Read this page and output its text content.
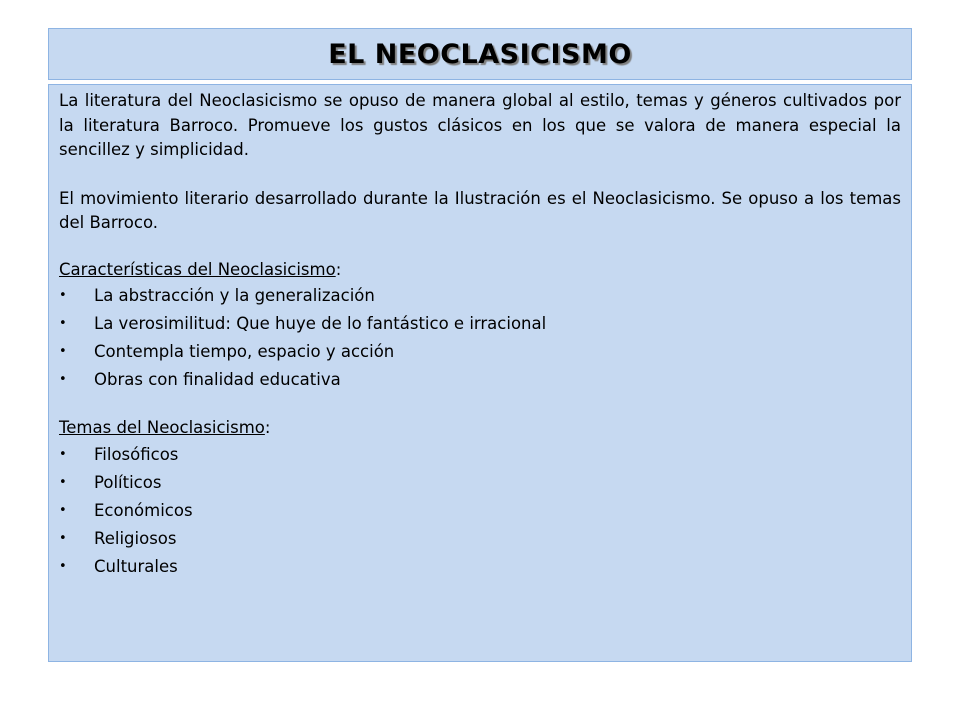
EL NEOCLASICISMO

La literatura del Neoclasicismo se opuso de manera global al estilo, temas y géneros cultivados por la literatura Barroco. Promueve los gustos clásicos en los que se valora de manera especial la sencillez y simplicidad.

El movimiento literario desarrollado durante la Ilustración es el Neoclasicismo. Se opuso a los temas del Barroco.

Características del Neoclasicismo:

• La abstracción y la generalización
• La verosimilitud: Que huye de lo fantástico e irracional
• Contempla tiempo, espacio y acción
• Obras con finalidad educativa

Temas del Neoclasicismo:

• Filosóficos
• Políticos
• Económicos
• Religiosos
• Culturales
